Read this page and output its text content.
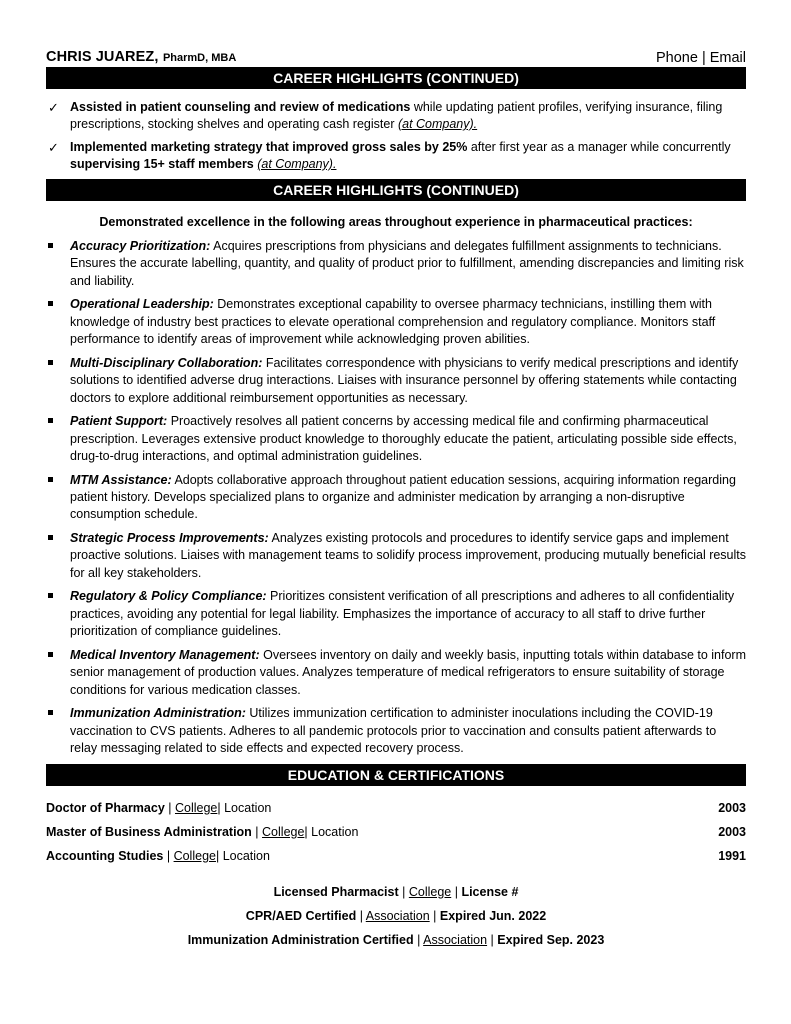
CHRIS JUAREZ, PharmD, MBA	Phone | Email
CAREER HIGHLIGHTS (CONTINUED)
✓ Assisted in patient counseling and review of medications while updating patient profiles, verifying insurance, filing prescriptions, stocking shelves and operating cash register (at Company).
✓ Implemented marketing strategy that improved gross sales by 25% after first year as a manager while concurrently supervising 15+ staff members (at Company).
CAREER HIGHLIGHTS (CONTINUED)
Demonstrated excellence in the following areas throughout experience in pharmaceutical practices:
Accuracy Prioritization: Acquires prescriptions from physicians and delegates fulfillment assignments to technicians. Ensures the accurate labelling, quantity, and quality of product prior to fulfillment, amending discrepancies and limiting risk and liability.
Operational Leadership: Demonstrates exceptional capability to oversee pharmacy technicians, instilling them with knowledge of industry best practices to elevate operational comprehension and regulatory compliance. Monitors staff performance to identify areas of improvement while acknowledging proven abilities.
Multi-Disciplinary Collaboration: Facilitates correspondence with physicians to verify medical prescriptions and identify solutions to identified adverse drug interactions. Liaises with insurance personnel by offering statements while contacting doctors to explore additional reimbursement opportunities as necessary.
Patient Support: Proactively resolves all patient concerns by accessing medical file and confirming pharmaceutical prescription. Leverages extensive product knowledge to thoroughly educate the patient, articulating possible side effects, drug-to-drug interactions, and optimal administration guidelines.
MTM Assistance: Adopts collaborative approach throughout patient education sessions, acquiring information regarding patient history. Develops specialized plans to organize and administer medication by arranging a non-disruptive consumption schedule.
Strategic Process Improvements: Analyzes existing protocols and procedures to identify service gaps and implement proactive solutions. Liaises with management teams to solidify process improvement, producing mutually beneficial results for all key stakeholders.
Regulatory & Policy Compliance: Prioritizes consistent verification of all prescriptions and adheres to all confidentiality practices, avoiding any potential for legal liability. Emphasizes the importance of accuracy to all staff to drive further prioritization of compliance guidelines.
Medical Inventory Management: Oversees inventory on daily and weekly basis, inputting totals within database to inform senior management of production values. Analyzes temperature of medical refrigerators to ensure suitability of storage conditions for various medication classes.
Immunization Administration: Utilizes immunization certification to administer inoculations including the COVID-19 vaccination to CVS patients. Adheres to all pandemic protocols prior to vaccination and consults patient afterwards to relay messaging related to side effects and expected recovery process.
EDUCATION & CERTIFICATIONS
Doctor of Pharmacy | College| Location	2003
Master of Business Administration | College| Location	2003
Accounting Studies | College| Location	1991
Licensed Pharmacist | College | License #
CPR/AED Certified | Association | Expired Jun. 2022
Immunization Administration Certified | Association | Expired Sep. 2023
